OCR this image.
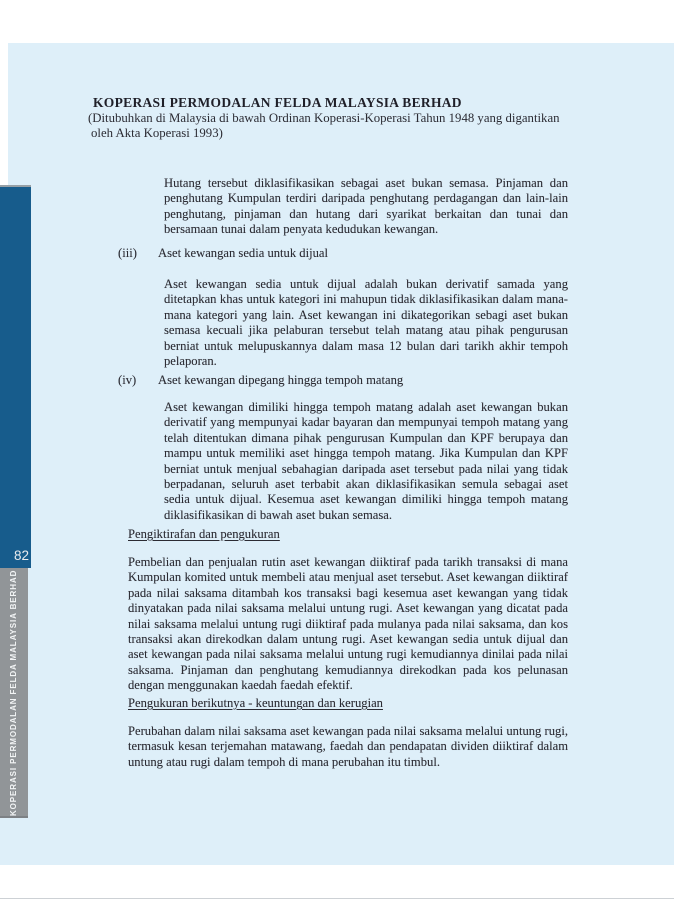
KOPERASI PERMODALAN FELDA MALAYSIA BERHAD
(Ditubuhkan di Malaysia di bawah Ordinan Koperasi-Koperasi Tahun 1948 yang digantikan
oleh Akta Koperasi 1993)
Hutang tersebut diklasifikasikan sebagai aset bukan semasa. Pinjaman dan penghutang Kumpulan terdiri daripada penghutang perdagangan dan lain-lain penghutang, pinjaman dan hutang dari syarikat berkaitan dan tunai dan bersamaan tunai dalam penyata kedudukan kewangan.
(iii) Aset kewangan sedia untuk dijual
Aset kewangan sedia untuk dijual adalah bukan derivatif samada yang ditetapkan khas untuk kategori ini mahupun tidak diklasifikasikan dalam mana-mana kategori yang lain. Aset kewangan ini dikategorikan sebagi aset bukan semasa kecuali jika pelaburan tersebut telah matang atau pihak pengurusan berniat untuk melupuskannya dalam masa 12 bulan dari tarikh akhir tempoh pelaporan.
(iv) Aset kewangan dipegang hingga tempoh matang
Aset kewangan dimiliki hingga tempoh matang adalah aset kewangan bukan derivatif yang mempunyai kadar bayaran dan mempunyai tempoh matang yang telah ditentukan dimana pihak pengurusan Kumpulan dan KPF berupaya dan mampu untuk memiliki aset hingga tempoh matang. Jika Kumpulan dan KPF berniat untuk menjual sebahagian daripada aset tersebut pada nilai yang tidak berpadanan, seluruh aset terbabit akan diklasifikasikan semula sebagai aset sedia untuk dijual. Kesemua aset kewangan dimiliki hingga tempoh matang diklasifikasikan di bawah aset bukan semasa.
Pengiktirafan dan pengukuran
Pembelian dan penjualan rutin aset kewangan diiktiraf pada tarikh transaksi di mana Kumpulan komited untuk membeli atau menjual aset tersebut. Aset kewangan diiktiraf pada nilai saksama ditambah kos transaksi bagi kesemua aset kewangan yang tidak dinyatakan pada nilai saksama melalui untung rugi. Aset kewangan yang dicatat pada nilai saksama melalui untung rugi diiktiraf pada mulanya pada nilai saksama, dan kos transaksi akan direkodkan dalam untung rugi. Aset kewangan sedia untuk dijual dan aset kewangan pada nilai saksama melalui untung rugi kemudiannya dinilai pada nilai saksama. Pinjaman dan penghutang kemudiannya direkodkan pada kos pelunasan dengan menggunakan kaedah faedah efektif.
Pengukuran berikutnya - keuntungan dan kerugian
Perubahan dalam nilai saksama aset kewangan pada nilai saksama melalui untung rugi, termasuk kesan terjemahan matawang, faedah dan pendapatan dividen diiktiraf dalam untung atau rugi dalam tempoh di mana perubahan itu timbul.
82
KOPERASI PERMODALAN FELDA MALAYSIA BERHAD
